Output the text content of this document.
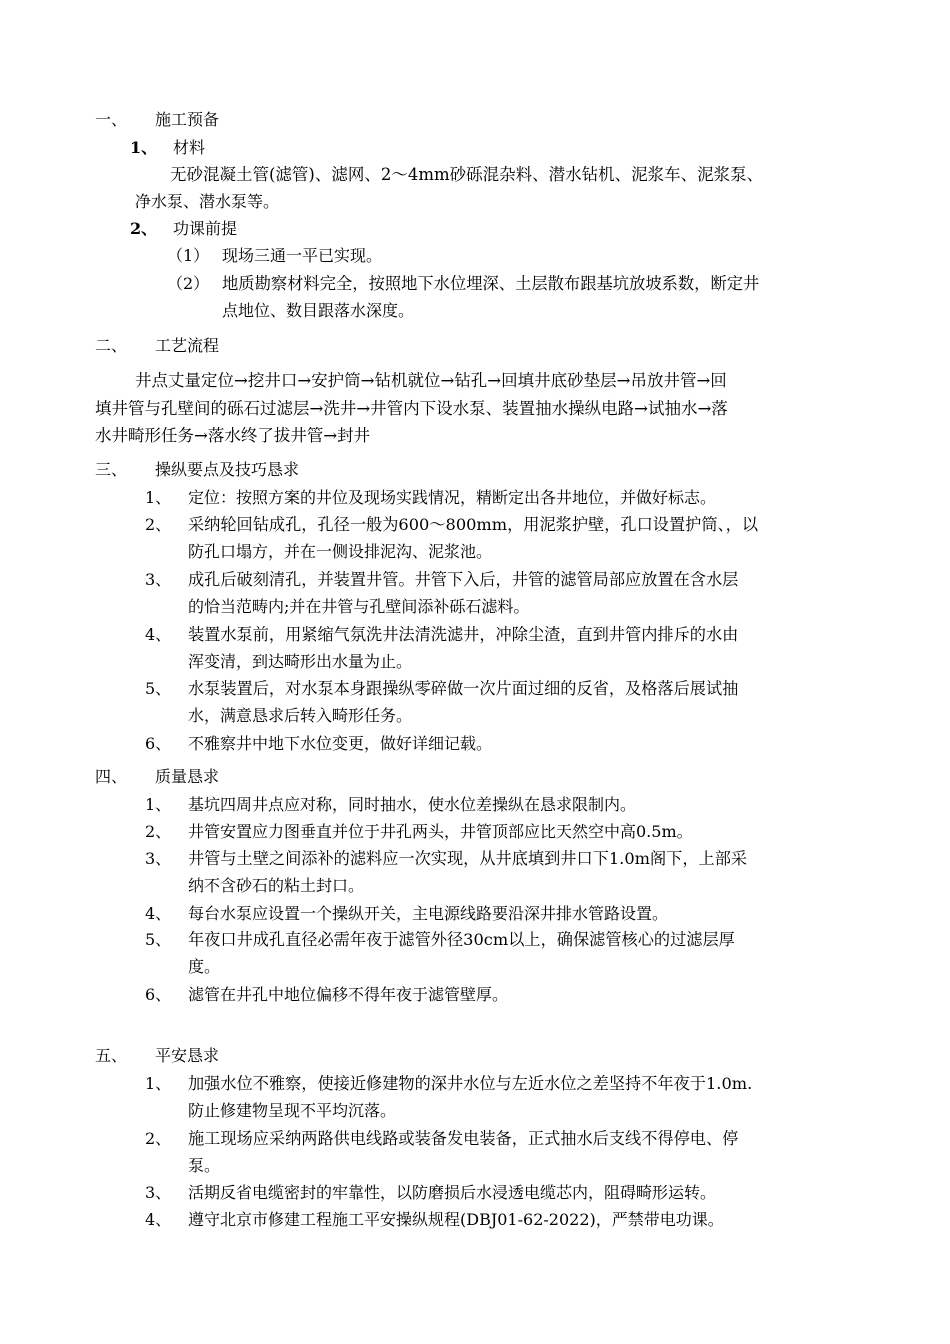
一、 施工预备
1、 材料
无砂混凝土管(滤管)、滤网、2～4mm砂砾混杂料、潜水钻机、泥浆车、泥浆泵、
净水泵、潜水泵等。
2、 功课前提
（1） 现场三通一平已实现。
（2） 地质勘察材料完全，按照地下水位埋深、土层散布跟基坑放坡系数，断定井
点地位、数目跟落水深度。
二、 工艺流程
井点丈量定位→挖井口→安护筒→钻机就位→钻孔→回填井底砂垫层→吊放井管→回
填井管与孔壁间的砾石过滤层→洗井→井管内下设水泵、装置抽水操纵电路→试抽水→落
水井畸形任务→落水终了拔井管→封井
三、 操纵要点及技巧恳求
1、 定位：按照方案的井位及现场实践情况，精断定出各井地位，并做好标志。
2、 采纳轮回钻成孔，孔径一般为600～800mm，用泥浆护壁，孔口设置护筒、，以
防孔口塌方，并在一侧设排泥沟、泥浆池。
3、 成孔后破刻清孔，并装置井管。井管下入后，井管的滤管局部应放置在含水层
的恰当范畴内;并在井管与孔壁间添补砾石滤料。
4、 装置水泵前，用紧缩气氛洗井法清洗滤井，冲除尘渣，直到井管内排斥的水由
浑变清，到达畸形出水量为止。
5、 水泵装置后，对水泵本身跟操纵零碎做一次片面过细的反省，及格落后展试抽
水，满意恳求后转入畸形任务。
6、 不雅察井中地下水位变更，做好详细记载。
四、 质量恳求
1、 基坑四周井点应对称，同时抽水，使水位差操纵在恳求限制内。
2、 井管安置应力图垂直并位于井孔两头，井管顶部应比天然空中高0.5m。
3、 井管与土壁之间添补的滤料应一次实现，从井底填到井口下1.0m阁下，上部采
纳不含砂石的粘土封口。
4、 每台水泵应设置一个操纵开关，主电源线路要沿深井排水管路设置。
5、 年夜口井成孔直径必需年夜于滤管外径30cm以上，确保滤管核心的过滤层厚
度。
6、 滤管在井孔中地位偏移不得年夜于滤管壁厚。
五、 平安恳求
1、 加强水位不雅察，使接近修建物的深井水位与左近水位之差坚持不年夜于1.0m.
防止修建物呈现不平均沉落。
2、 施工现场应采纳两路供电线路或装备发电装备，正式抽水后支线不得停电、停
泵。
3、 活期反省电缆密封的牢靠性，以防磨损后水浸透电缆芯内，阻碍畸形运转。
4、 遵守北京市修建工程施工平安操纵规程(DBJ01-62-2022)，严禁带电功课。
